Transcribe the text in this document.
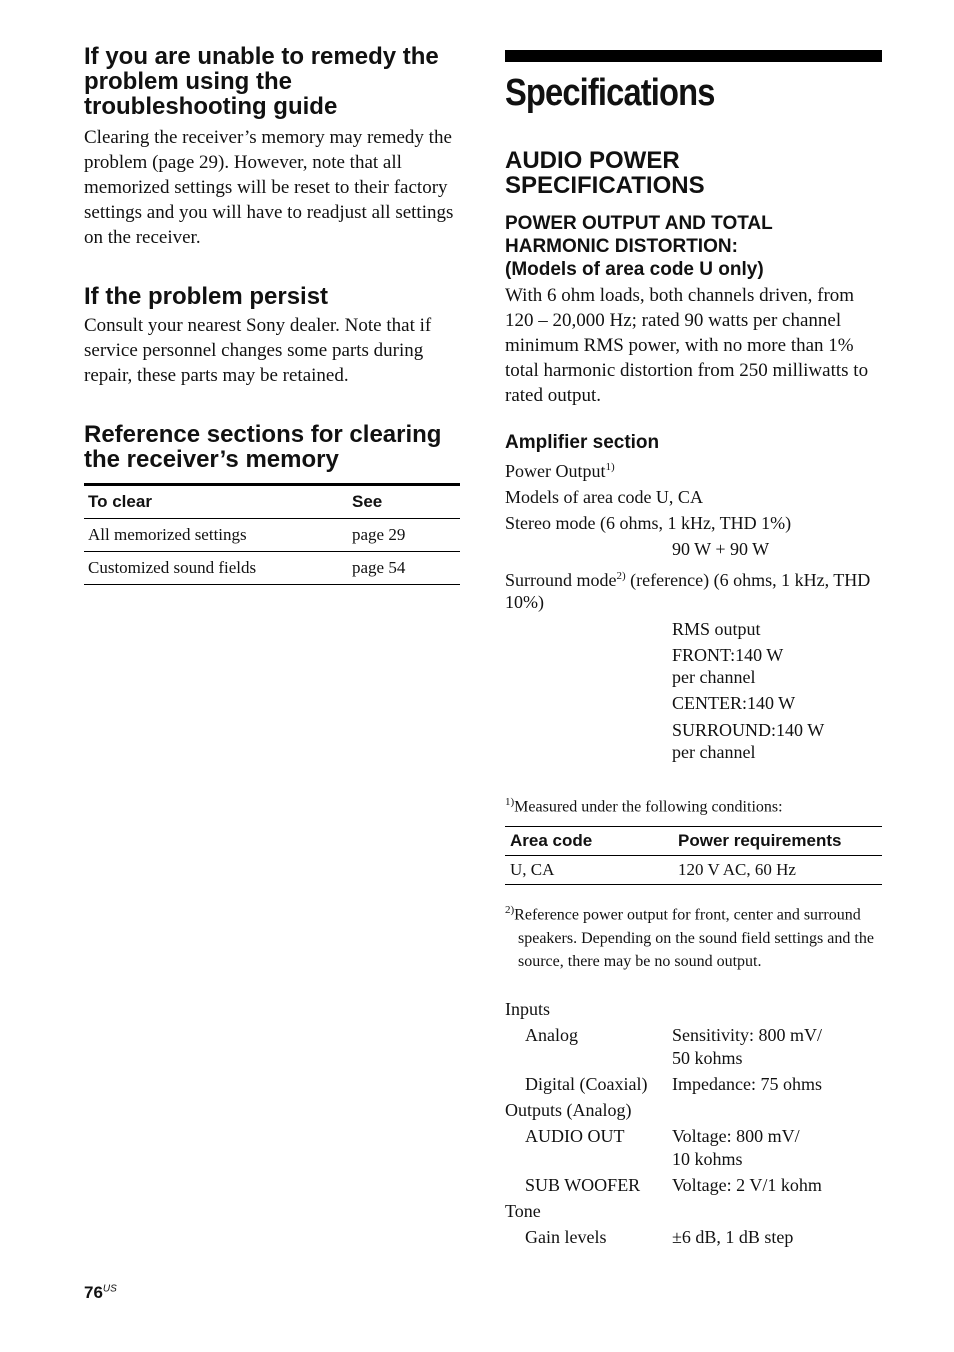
If you are unable to remedy the problem using the troubleshooting guide

Clearing the receiver’s memory may remedy the problem (page 29). However, note that all memorized settings will be reset to their factory settings and you will have to readjust all settings on the receiver.

If the problem persist

Consult your nearest Sony dealer. Note that if service personnel changes some parts during repair, these parts may be retained.

Reference sections for clearing the receiver’s memory
To clear	See
All memorized settings	page 29
Customized sound fields	page 54
Specifications
AUDIO POWER SPECIFICATIONS
POWER OUTPUT AND TOTAL HARMONIC DISTORTION:
(Models of area code U only)

With 6 ohm loads, both channels driven, from 120 – 20,000 Hz; rated 90 watts per channel minimum RMS power, with no more than 1% total harmonic distortion from 250 milliwatts to rated output.

Amplifier section
Power Output$^{1)}$
Models of area code U, CA
Stereo mode (6 ohms, 1 kHz, THD 1%)
90 W + 90 W
Surround mode$^{2)}$ (reference) (6 ohms, 1 kHz, THD 10%)
RMS output
FRONT:140 W
per channel
CENTER:140 W
SURROUND:140 W
per channel
$^{1)}$Measured under the following conditions:
Area code	Power requirements
U, CA	120 V AC, 60 Hz
$^{2)}$Reference power output for front, center and surround speakers. Depending on the sound field settings and the source, there may be no sound output.
Inputs
Analog	Sensitivity: 800 mV/
50 kohms
Digital (Coaxial)	Impedance: 75 ohms
Outputs (Analog)
AUDIO OUT	Voltage: 800 mV/
10 kohms
SUB WOOFER	Voltage: 2 V/1 kohm
Tone
Gain levels	±6 dB, 1 dB step
$76^{US}$
